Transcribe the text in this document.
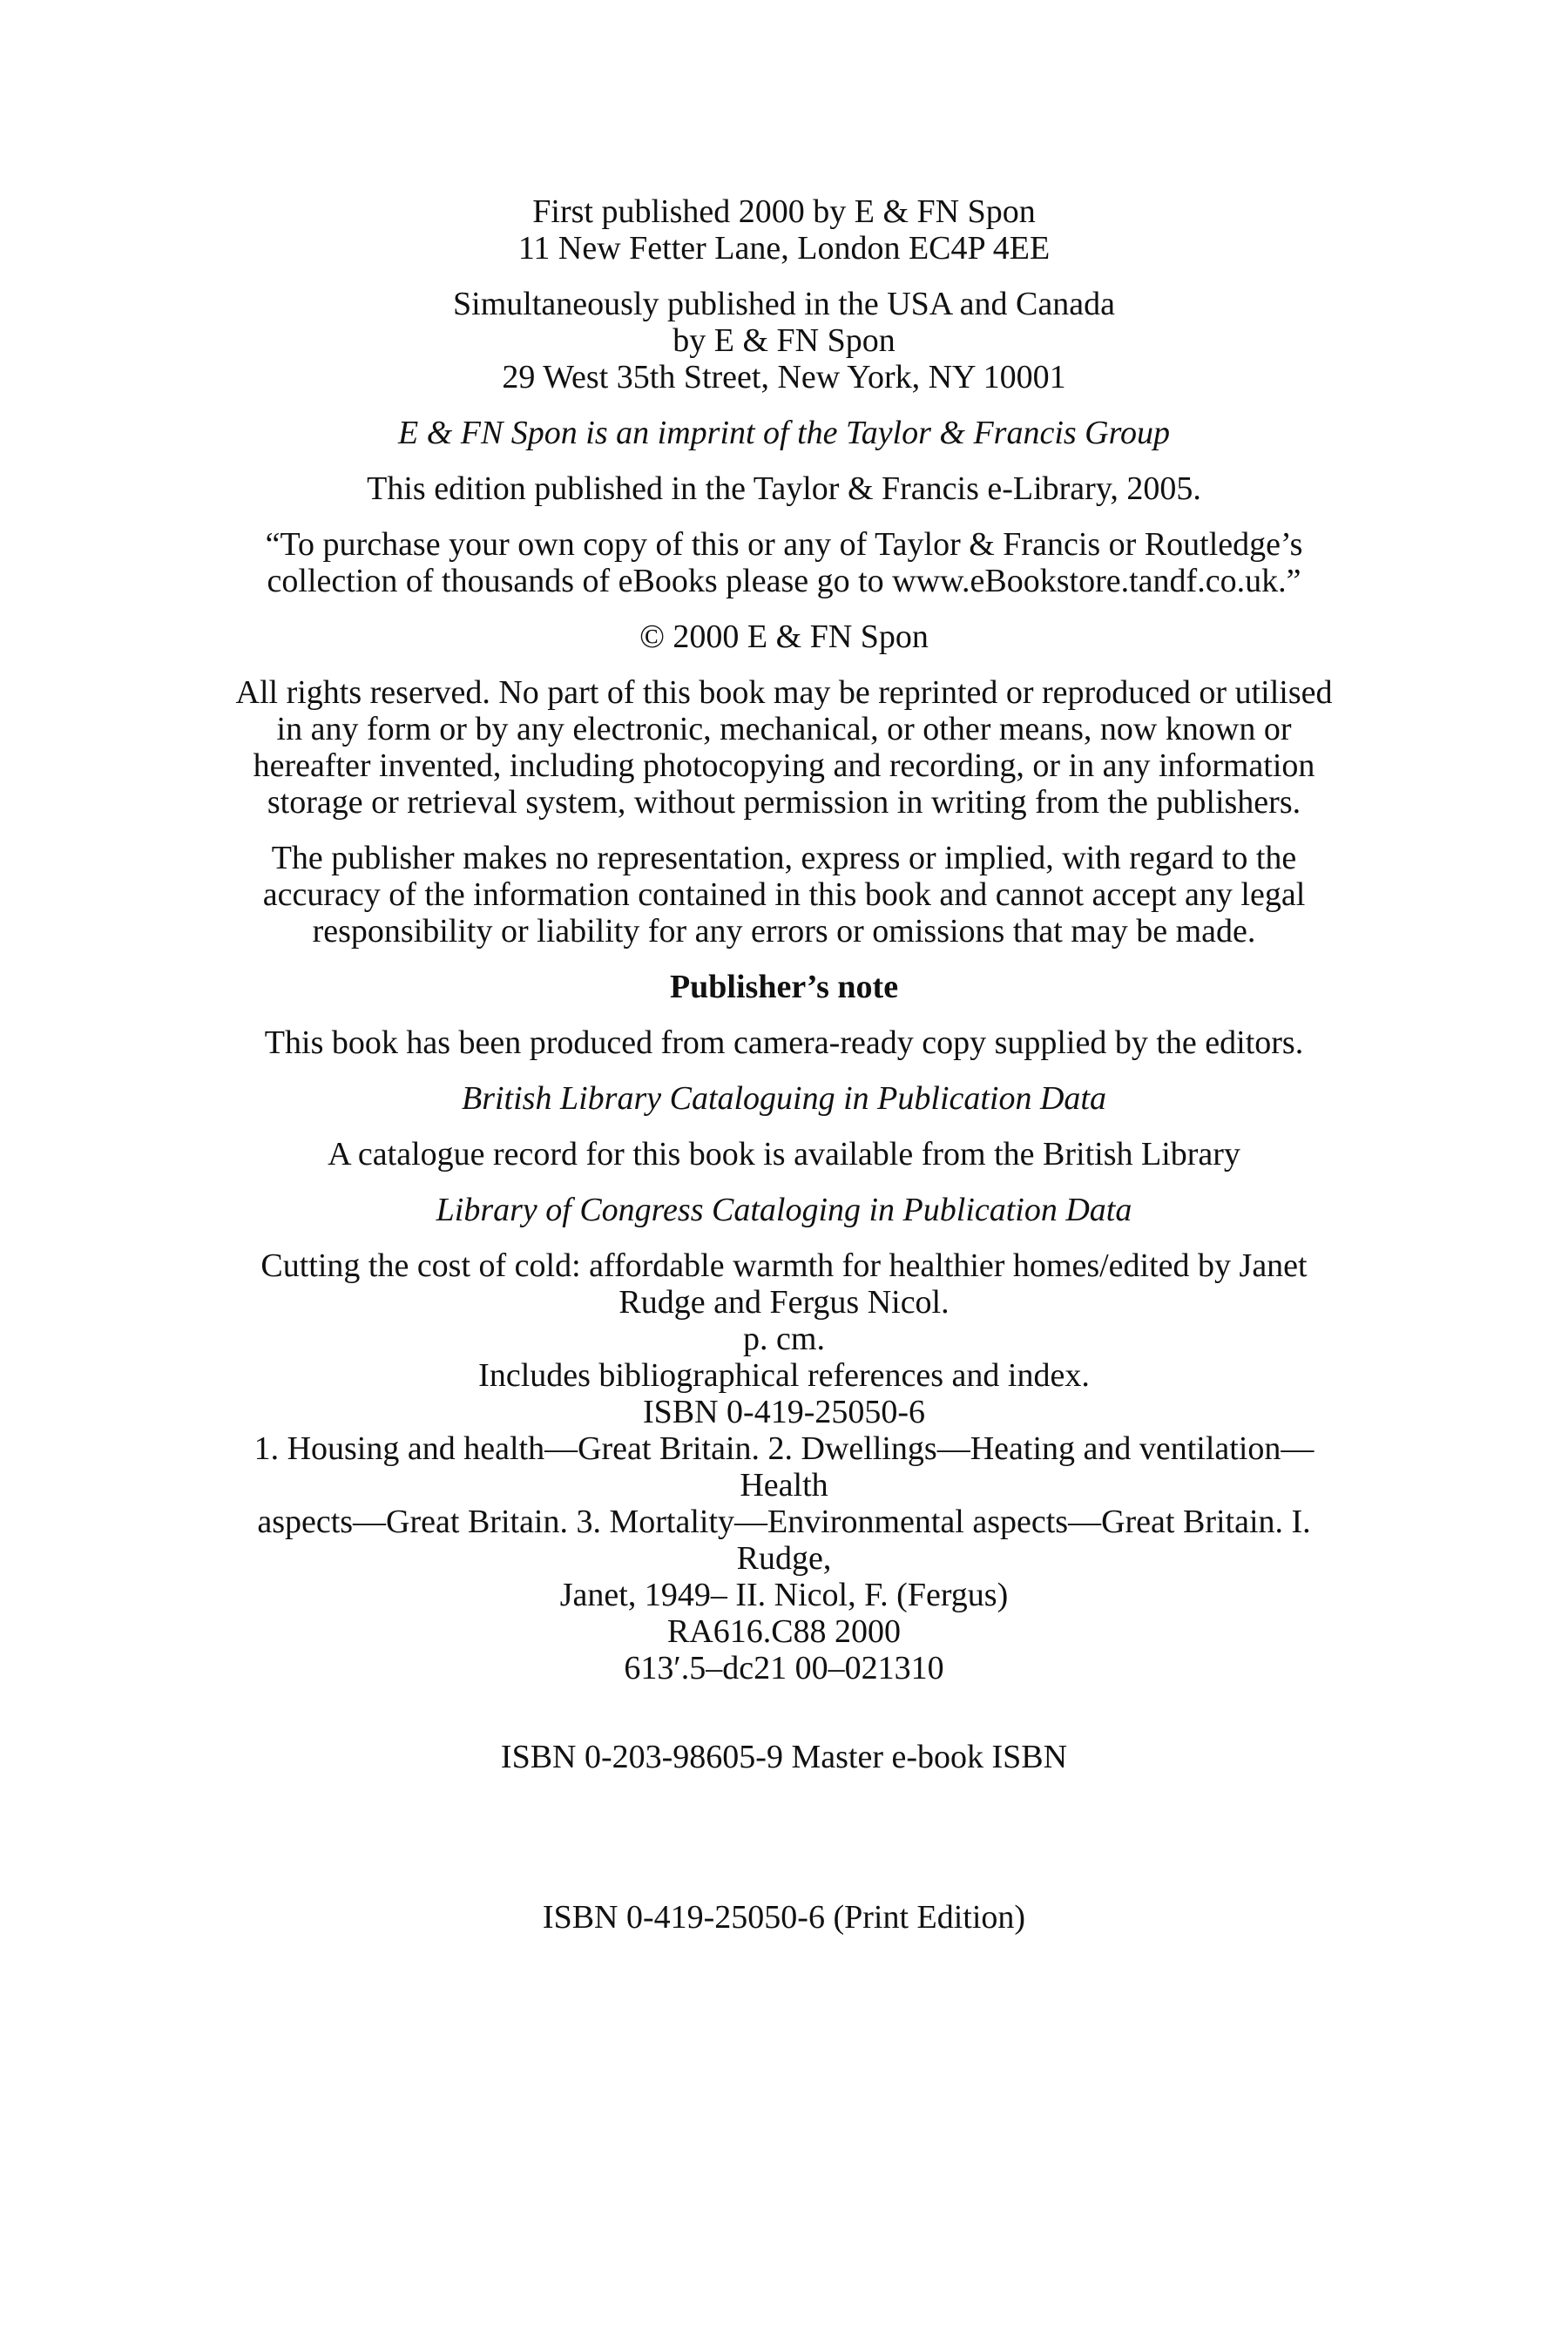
First published 2000 by E & FN Spon
11 New Fetter Lane, London EC4P 4EE
Simultaneously published in the USA and Canada
by E & FN Spon
29 West 35th Street, New York, NY 10001
E & FN Spon is an imprint of the Taylor & Francis Group
This edition published in the Taylor & Francis e-Library, 2005.
“To purchase your own copy of this or any of Taylor & Francis or Routledge’s
collection of thousands of eBooks please go to www.eBookstore.tandf.co.uk.”
© 2000 E & FN Spon
All rights reserved. No part of this book may be reprinted or reproduced or utilised
in any form or by any electronic, mechanical, or other means, now known or
hereafter invented, including photocopying and recording, or in any information
storage or retrieval system, without permission in writing from the publishers.
The publisher makes no representation, express or implied, with regard to the
accuracy of the information contained in this book and cannot accept any legal
responsibility or liability for any errors or omissions that may be made.
Publisher’s note
This book has been produced from camera-ready copy supplied by the editors.
British Library Cataloguing in Publication Data
A catalogue record for this book is available from the British Library
Library of Congress Cataloging in Publication Data
Cutting the cost of cold: affordable warmth for healthier homes/edited by Janet
Rudge and Fergus Nicol.
p. cm.
Includes bibliographical references and index.
ISBN 0-419-25050-6
1. Housing and health—Great Britain. 2. Dwellings—Heating and ventilation—
Health
aspects—Great Britain. 3. Mortality—Environmental aspects—Great Britain. I.
Rudge,
Janet, 1949– II. Nicol, F. (Fergus)
RA616.C88 2000
613′.5–dc21 00–021310
ISBN 0-203-98605-9 Master e-book ISBN
ISBN 0-419-25050-6 (Print Edition)
